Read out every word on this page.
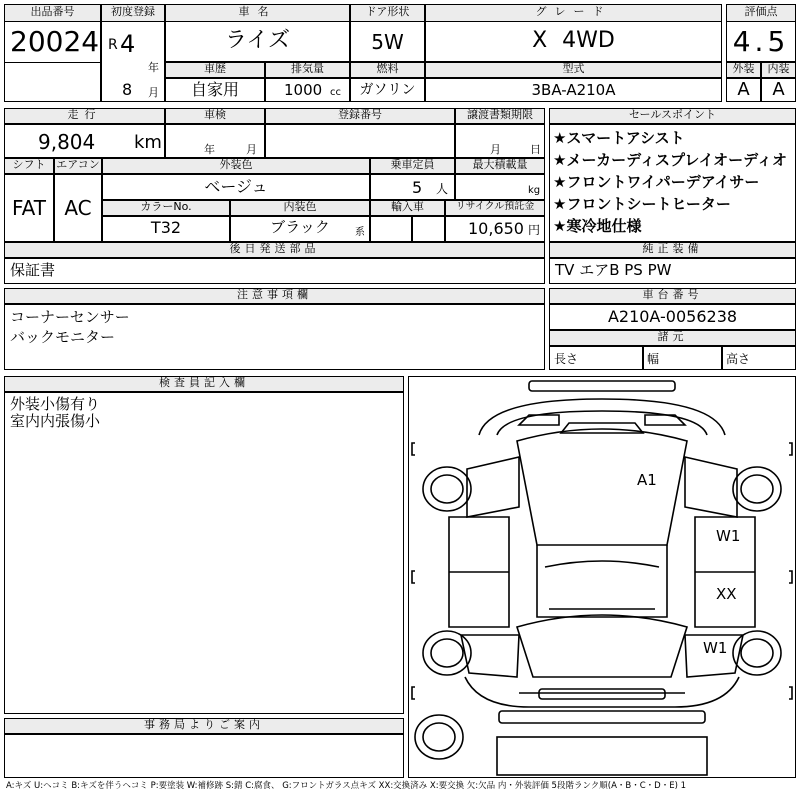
出品番号
20024
初度登録
R 4
年
8 月
車名
ライズ
ドア形状
5W
グレード
X 4WD
評価点
4.5
車歴
自家用
排気量
1000 cc
燃料
ガソリン
型式
3BA-A210A
外装
A
内装
A
走行
9,804 km
車検
年	月
登録番号	譲渡書類期限
月	日
シフト
FAT
エアコン
AC
外装色
ベージュ
乗車定員
5 人
最大積載量
kg
カラーNo.
T32
内装色
ブラック	系
輸入車	リサイクル預託金
10,650 円
セールスポイント
★スマートアシスト
★メーカーディスプレイオーディオ
★フロントワイパーデアイサー
★フロントシートヒーター
★寒冷地仕様
後日発送部品
保証書
純正装備
TV エアB PS PW
注意事項欄
コーナーセンサー
バックモニター
車台番号
A210A-0056238
諸元
長さ	幅	高さ
検査員記入欄
外装小傷有り
室内内張傷小
事務局よりご案内
A1
W1
XX
W1
A:キズ U:ヘコミ B:キズを伴うヘコミ P:要塗装 W:補修跡 S:錆 C:腐食、 G:フロントガラス点キズ XX:交換済み X:要交換 欠:欠品 内・外装評価 5段階ランク順(A・B・C・D・E) 1
